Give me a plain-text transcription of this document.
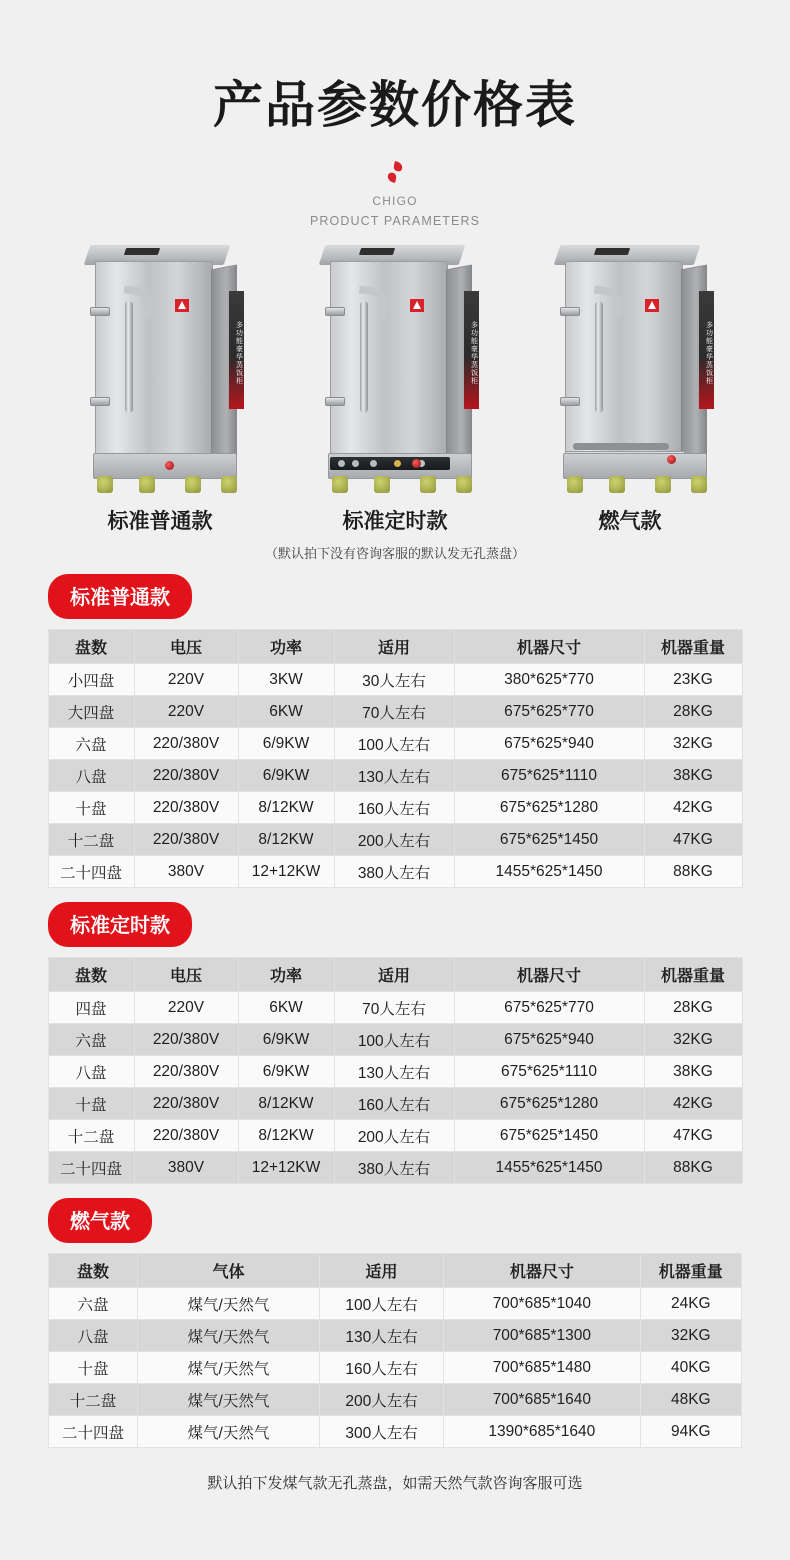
产品参数价格表
CHIGO
PRODUCT PARAMETERS
多功能豪华蒸饭柜
标准普通款
多功能豪华蒸饭柜
标准定时款
多功能豪华蒸饭柜
燃气款
（默认拍下没有咨询客服的默认发无孔蒸盘）
标准普通款
盘数	电压	功率	适用	机器尺寸	机器重量
小四盘	220V	3KW	30人左右	380*625*770	23KG
大四盘	220V	6KW	70人左右	675*625*770	28KG
六盘	220/380V	6/9KW	100人左右	675*625*940	32KG
八盘	220/380V	6/9KW	130人左右	675*625*1110	38KG
十盘	220/380V	8/12KW	160人左右	675*625*1280	42KG
十二盘	220/380V	8/12KW	200人左右	675*625*1450	47KG
二十四盘	380V	12+12KW	380人左右	1455*625*1450	88KG
标准定时款
盘数	电压	功率	适用	机器尺寸	机器重量
四盘	220V	6KW	70人左右	675*625*770	28KG
六盘	220/380V	6/9KW	100人左右	675*625*940	32KG
八盘	220/380V	6/9KW	130人左右	675*625*1110	38KG
十盘	220/380V	8/12KW	160人左右	675*625*1280	42KG
十二盘	220/380V	8/12KW	200人左右	675*625*1450	47KG
二十四盘	380V	12+12KW	380人左右	1455*625*1450	88KG
燃气款
盘数	气体	适用	机器尺寸	机器重量
六盘	煤气/天然气	100人左右	700*685*1040	24KG
八盘	煤气/天然气	130人左右	700*685*1300	32KG
十盘	煤气/天然气	160人左右	700*685*1480	40KG
十二盘	煤气/天然气	200人左右	700*685*1640	48KG
二十四盘	煤气/天然气	300人左右	1390*685*1640	94KG
默认拍下发煤气款无孔蒸盘，如需天然气款咨询客服可选
